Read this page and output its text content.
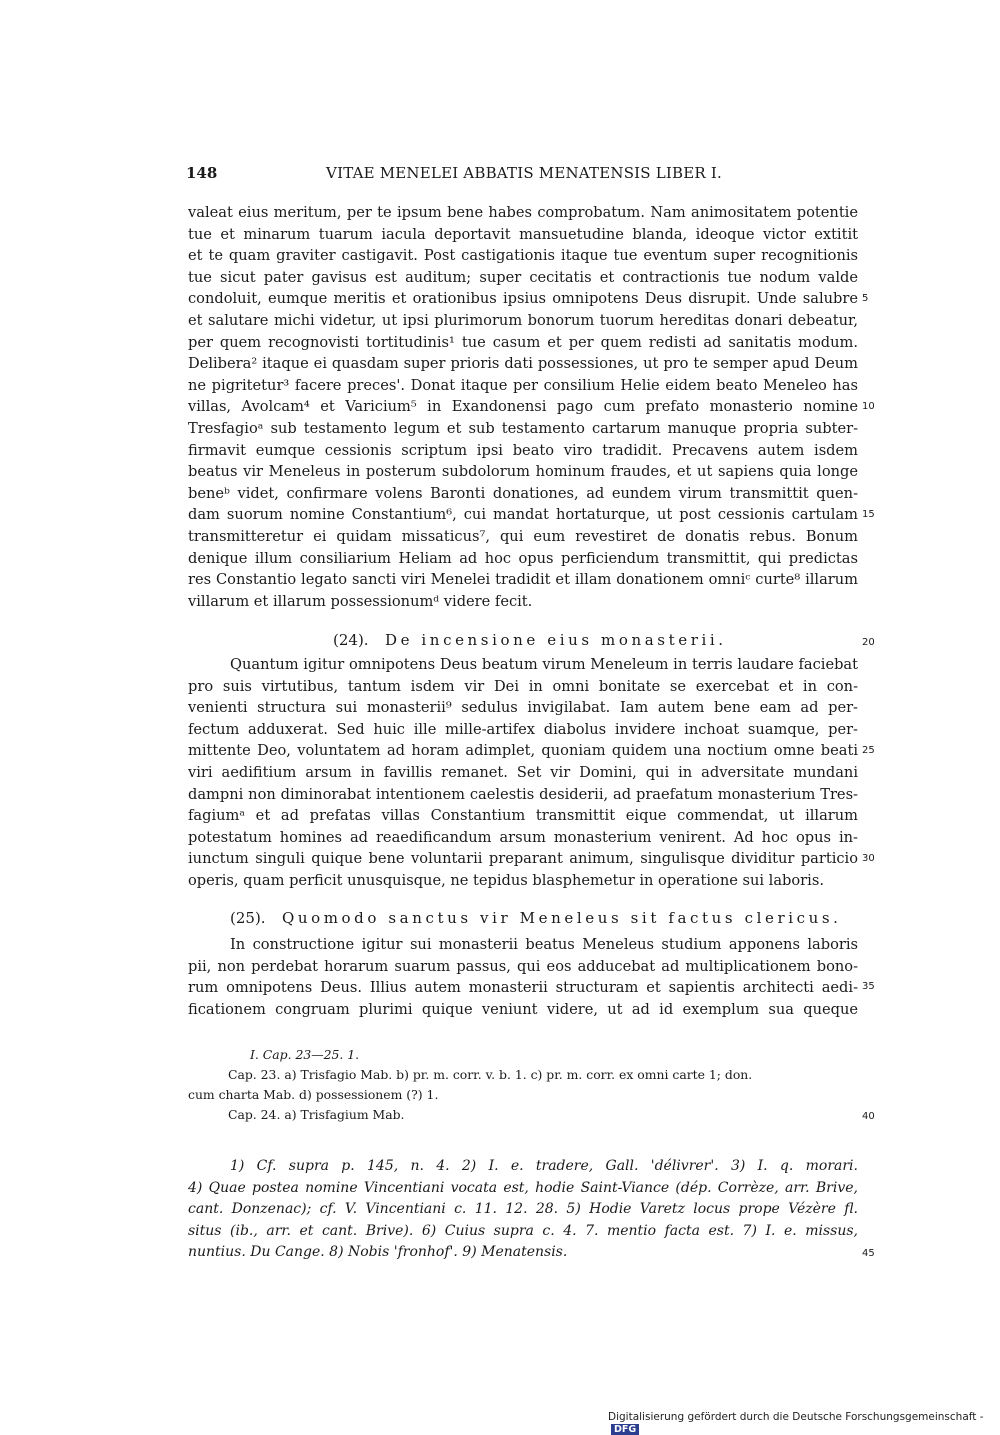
148	VITAE MENELEI ABBATIS MENATENSIS LIBER I.
valeat eius meritum, per te ipsum bene habes comprobatum. Nam animositatem potentie
tue et minarum tuarum iacula deportavit mansuetudine blanda, ideoque victor extitit
et te quam graviter castigavit. Post castigationis itaque tue eventum super recognitionis
tue sicut pater gavisus est auditum; super cecitatis et contractionis tue nodum valde
condoluit, eumque meritis et orationibus ipsius omnipotens Deus disrupit. Unde salubre
et salutare michi videtur, ut ipsi plurimorum bonorum tuorum hereditas donari debeatur,
per quem recognovisti tortitudinis¹ tue casum et per quem redisti ad sanitatis modum.
Delibera² itaque ei quasdam super prioris dati possessiones, ut pro te semper apud Deum
ne pigritetur³ facere preces'. Donat itaque per consilium Helie eidem beato Meneleo has
villas, Avolcam⁴ et Varicium⁵ in Exandonensi pago cum prefato monasterio nomine
Tresfagioᵃ sub testamento legum et sub testamento cartarum manuque propria subter-
firmavit eumque cessionis scriptum ipsi beato viro tradidit. Precavens autem isdem
beatus vir Meneleus in posterum subdolorum hominum fraudes, et ut sapiens quia longe
beneᵇ videt, confirmare volens Baronti donationes, ad eundem virum transmittit quen-
dam suorum nomine Constantium⁶, cui mandat hortaturque, ut post cessionis cartulam
transmitteretur ei quidam missaticus⁷, qui eum revestiret de donatis rebus. Bonum
denique illum consiliarium Heliam ad hoc opus perficiendum transmittit, qui predictas
res Constantio legato sancti viri Menelei tradidit et illam donationem omniᶜ curte⁸ illarum
villarum et illarum possessionumᵈ videre fecit.
(24). De incensione eius monasterii.
Quantum igitur omnipotens Deus beatum virum Meneleum in terris laudare faciebat
pro suis virtutibus, tantum isdem vir Dei in omni bonitate se exercebat et in con-
venienti structura sui monasterii⁹ sedulus invigilabat. Iam autem bene eam ad per-
fectum adduxerat. Sed huic ille mille-artifex diabolus invidere inchoat suamque, per-
mittente Deo, voluntatem ad horam adimplet, quoniam quidem una noctium omne beati
viri aedifitium arsum in favillis remanet. Set vir Domini, qui in adversitate mundani
dampni non diminorabat intentionem caelestis desiderii, ad praefatum monasterium Tres-
fagiumᵃ et ad prefatas villas Constantium transmittit eique commendat, ut illarum
potestatum homines ad reaedificandum arsum monasterium venirent. Ad hoc opus in-
iunctum singuli quique bene voluntarii preparant animum, singulisque dividitur particio
operis, quam perficit unusquisque, ne tepidus blasphemetur in operatione sui laboris.
(25). Quomodo sanctus vir Meneleus sit factus clericus.
In constructione igitur sui monasterii beatus Meneleus studium apponens laboris
pii, non perdebat horarum suarum passus, qui eos adducebat ad multiplicationem bono-
rum omnipotens Deus. Illius autem monasterii structuram et sapientis architecti aedi-
ficationem congruam plurimi quique veniunt videre, ut ad id exemplum sua queque
5
10
15
20
25
30
35
40
45
I. Cap. 23—25. 1.
Cap. 23. a) Trisfagio Mab. b) pr. m. corr. v. b. 1. c) pr. m. corr. ex omni carte 1; don.
cum charta Mab. d) possessionem (?) 1.
Cap. 24. a) Trisfagium Mab.
1) Cf. supra p. 145, n. 4. 2) I. e. tradere, Gall. 'délivrer'. 3) I. q. morari.
4) Quae postea nomine Vincentiani vocata est, hodie Saint-Viance (dép. Corrèze, arr. Brive,
cant. Donzenac); cf. V. Vincentiani c. 11. 12. 28. 5) Hodie Varetz locus prope Vézère fl.
situs (ib., arr. et cant. Brive). 6) Cuius supra c. 4. 7. mentio facta est. 7) I. e. missus,
nuntius. Du Cange. 8) Nobis 'fronhof'. 9) Menatensis.
Digitalisierung gefördert durch die Deutsche Forschungsgemeinschaft -DFG
